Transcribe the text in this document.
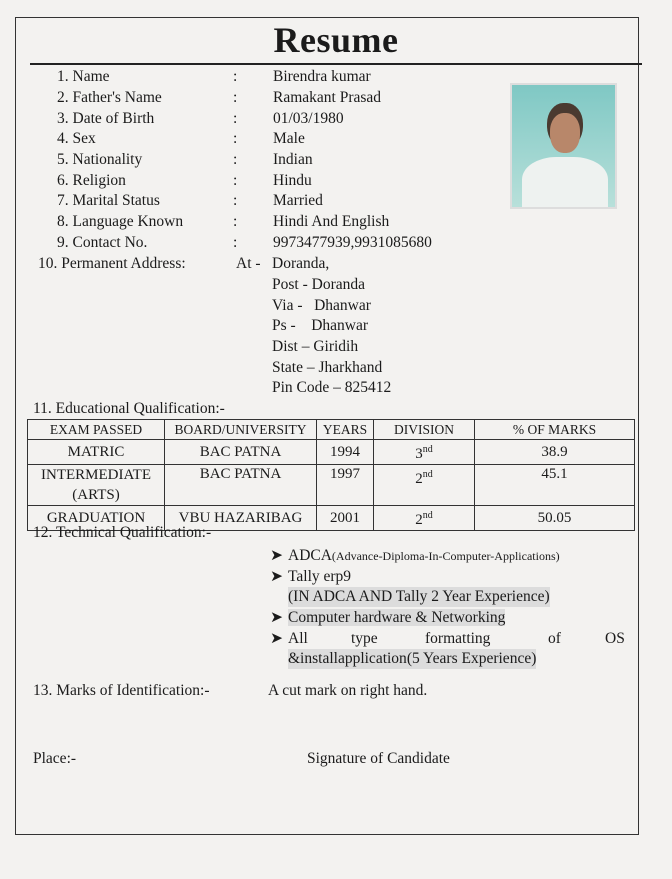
Resume
1. Name	: Birendra kumar
2. Father's Name	: Ramakant Prasad
3. Date of Birth	: 01/03/1980
4. Sex	: Male
5. Nationality	: Indian
6. Religion	: Hindu
7. Marital Status	: Married
8. Language Known	: Hindi And English
9. Contact No.	: 9973477939,9931085680
10. Permanent Address:	At - Doranda,
Post - Doranda
Via -   Dhanwar
Ps -    Dhanwar
Dist – Giridih
State – Jharkhand
Pin Code – 825412
11. Educational Qualification:-
EXAM PASSED	BOARD/UNIVERSITY	YEARS	DIVISION	% OF MARKS
MATRIC	BAC PATNA	1994	3nd	38.9

INTERMEDIATE
(ARTS)	BAC PATNA	1997	2nd	45.1
GRADUATION	VBU HAZARIBAG	2001	2nd	50.05
12. Technical Qualification:-
➤ ADCA(Advance-Diploma-In-Computer-Applications)
➤ Tally erp9
(IN ADCA AND Tally 2 Year Experience)
➤ Computer hardware & Networking
➤ All	type	formatting	of	OS
&installapplication(5 Years Experience)
13. Marks of Identification:-	A cut mark on right hand.
Place:-	Signature of Candidate
